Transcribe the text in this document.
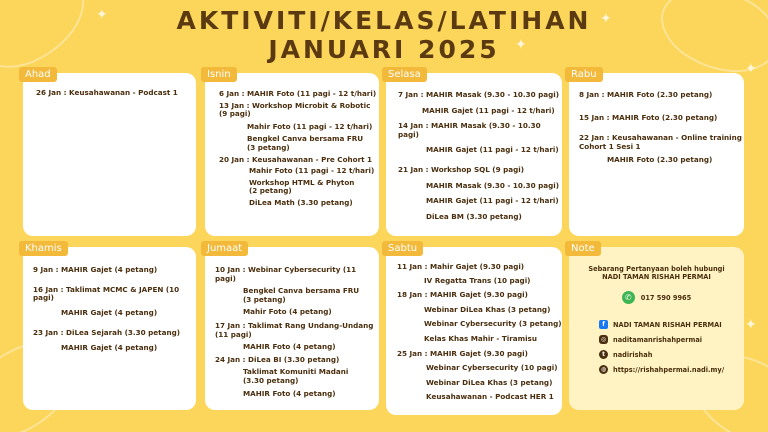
✦
✦
✦
✦
✦
AKTIVITI/KELAS/LATIHAN
JANUARI 2025
Ahad
26 Jan : Keusahawanan - Podcast 1
Isnin
6 Jan : MAHIR Foto (11 pagi - 12 t/hari)
13 Jan : Workshop Microbit & Robotic
(9 pagi)
Mahir Foto (11 pagi - 12 t/hari)
Bengkel Canva bersama FRU
(3 petang)
20 Jan : Keusahawanan - Pre Cohort 1
Mahir Foto (11 pagi - 12 t/hari)
Workshop HTML & Phyton
(2 petang)
DiLea Math (3.30 petang)
Selasa
7 Jan : MAHIR Masak (9.30 - 10.30 pagi)
MAHIR Gajet (11 pagi - 12 t/hari)
14 Jan : MAHIR Masak (9.30 - 10.30 pagi)
MAHIR Gajet (11 pagi - 12 t/hari)
21 Jan : Workshop SQL (9 pagi)
MAHIR Masak (9.30 - 10.30 pagi)
MAHIR Gajet (11 pagi - 12 t/hari)
DiLea BM (3.30 petang)
Rabu
8 Jan : MAHIR Foto (2.30 petang)
15 Jan : MAHIR Foto (2.30 petang)
22 Jan : Keusahawanan - Online training
Cohort 1 Sesi 1
MAHIR Foto (2.30 petang)
Khamis
9 Jan : MAHIR Gajet (4 petang)
16 Jan : Taklimat MCMC & JAPEN (10 pagi)
MAHIR Gajet (4 petang)
23 Jan : DiLea Sejarah (3.30 petang)
MAHIR Gajet (4 petang)
Jumaat
10 Jan : Webinar Cybersecurity (11 pagi)
Bengkel Canva bersama FRU
(3 petang)
Mahir Foto (4 petang)
17 Jan : Taklimat Rang Undang-Undang
(11 pagi)
MAHIR Foto (4 petang)
24 Jan : DiLea BI (3.30 petang)
Taklimat Komuniti Madani
(3.30 petang)
MAHIR Foto (4 petang)
Sabtu
11 Jan : Mahir Gajet (9.30 pagi)
IV Regatta Trans (10 pagi)
18 Jan : MAHIR Gajet (9.30 pagi)
Webinar DiLea Khas (3 petang)
Webinar Cybersecurity (3 petang)
Kelas Khas Mahir - Tiramisu
25 Jan : MAHIR Gajet (9.30 pagi)
Webinar Cybersecurity (10 pagi)
Webinar DiLea Khas (3 petang)
Keusahawanan - Podcast HER 1
Note
Sebarang Pertanyaan boleh hubungi
NADI TAMAN RISHAH PERMAI
✆	017 590 9965
f	NADI TAMAN RISHAH PERMAI
◎ naditamanrishahpermai
t	nadirishah
◍ https://rishahpermai.nadi.my/
